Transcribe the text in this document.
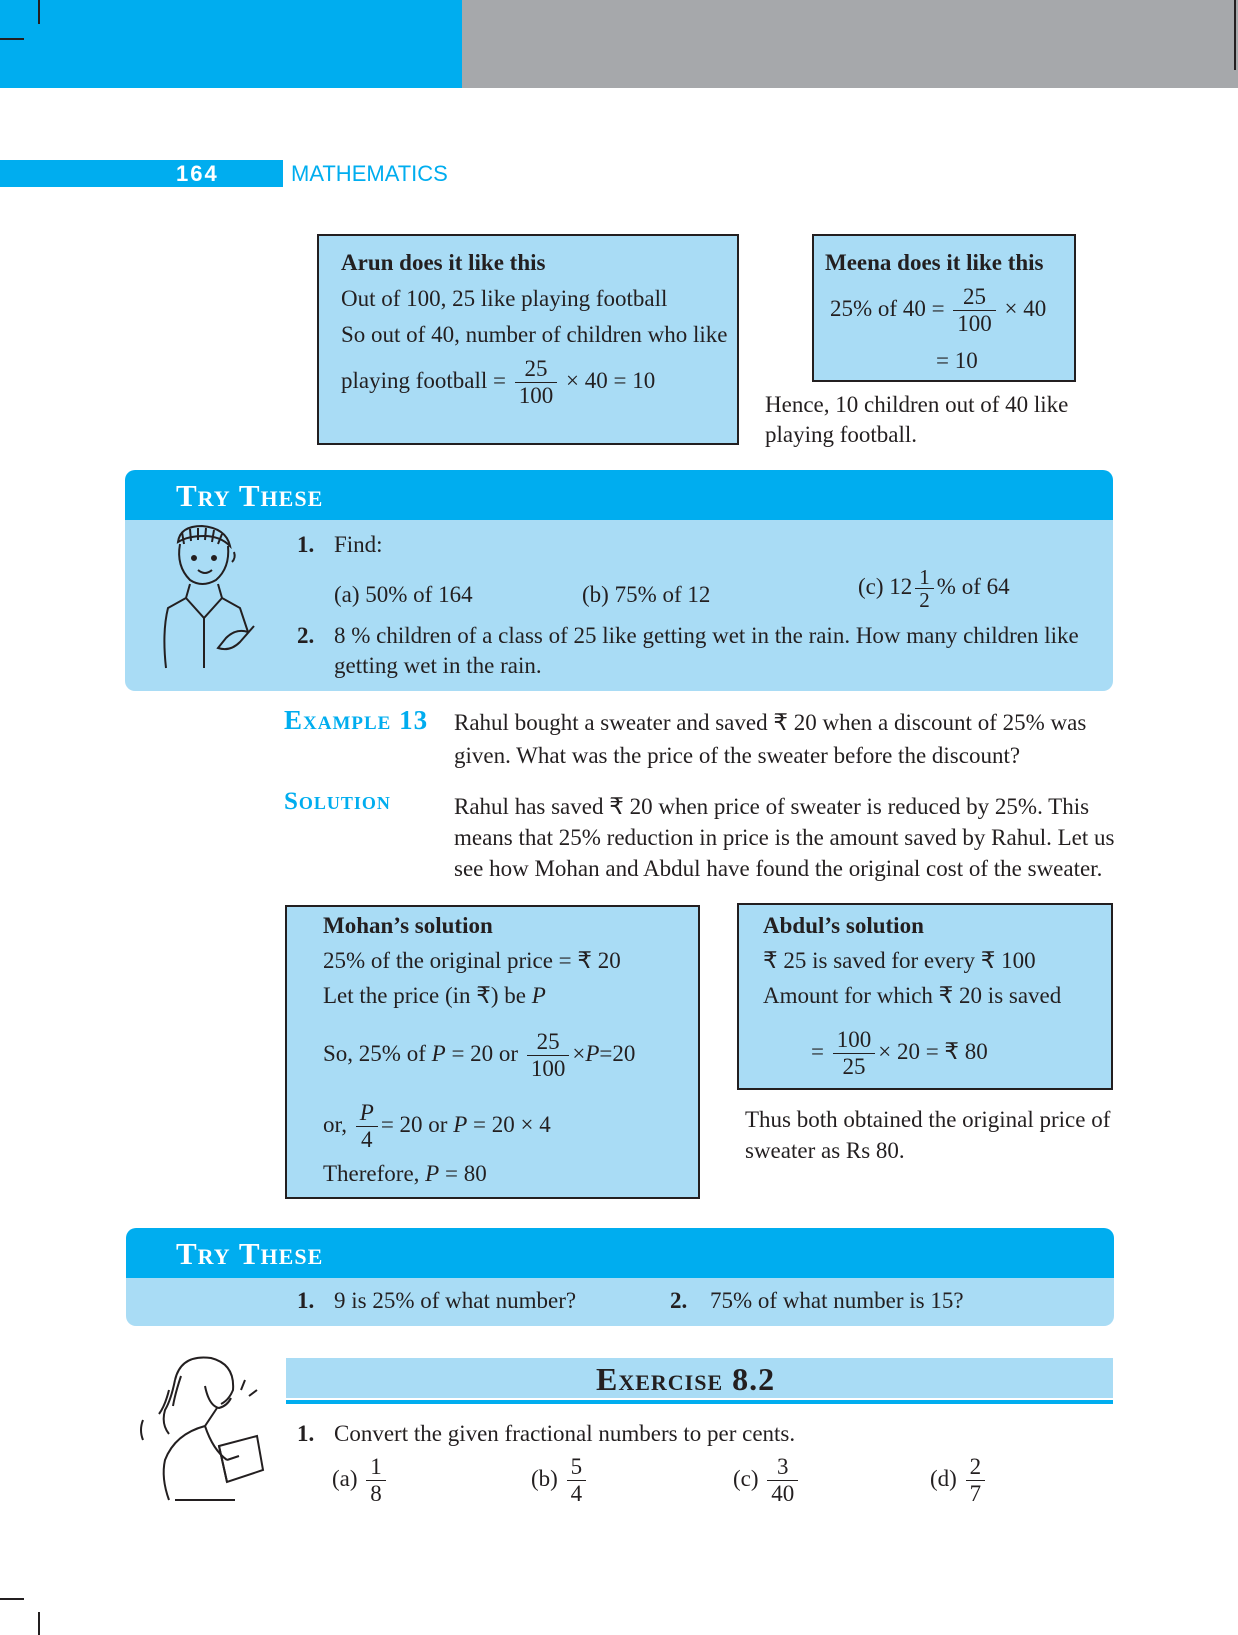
164	MATHEMATICS
Arun does it like this
Out of 100, 25 like playing football
So out of 40, number of children who like
playing football = $\frac{25}{100} \times 40 = 10$
Meena does it like this
25% of $40 = \frac{25}{100} \times 40$
= 10
Hence, 10 children out of 40 like
playing football.
Try These
1. Find:
(a) 50% of 164	(b) 75% of 12	(c) $12 \frac{1}{2}$ % of 64
2. 8 % children of a class of 25 like getting wet in the rain. How many children like
getting wet in the rain.
Example 13 Rahul bought a sweater and saved ₹ 20 when a discount of 25% was
given. What was the price of the sweater before the discount?
Solution	Rahul has saved ₹ 20 when price of sweater is reduced by 25%. This
means that 25% reduction in price is the amount saved by Rahul. Let us
see how Mohan and Abdul have found the original cost of the sweater.
Mohan’s solution
25% of the original price = ₹ 20
Let the price (in ₹) be P
So, 25% of P = 20 or $\frac{25}{100} \times P=20$
or, $\frac{P}{4} = 20$ or P = 20 × 4
Therefore, P = 80
Abdul’s solution
₹ 25 is saved for every ₹ 100
Amount for which ₹ 20 is saved
= $\frac{100}{25} \times 20$ = ₹ 80
Thus both obtained the original price of
sweater as Rs 80.
Try These
1. 9 is 25% of what number?	2. 75% of what number is 15?
Exercise 8.2
1. Convert the given fractional numbers to per cents.
$(a) \frac{1}{8}$	$(b) \frac{5}{4}$	$(c) \frac{3}{40}$	$(d) \frac{2}{7}$
